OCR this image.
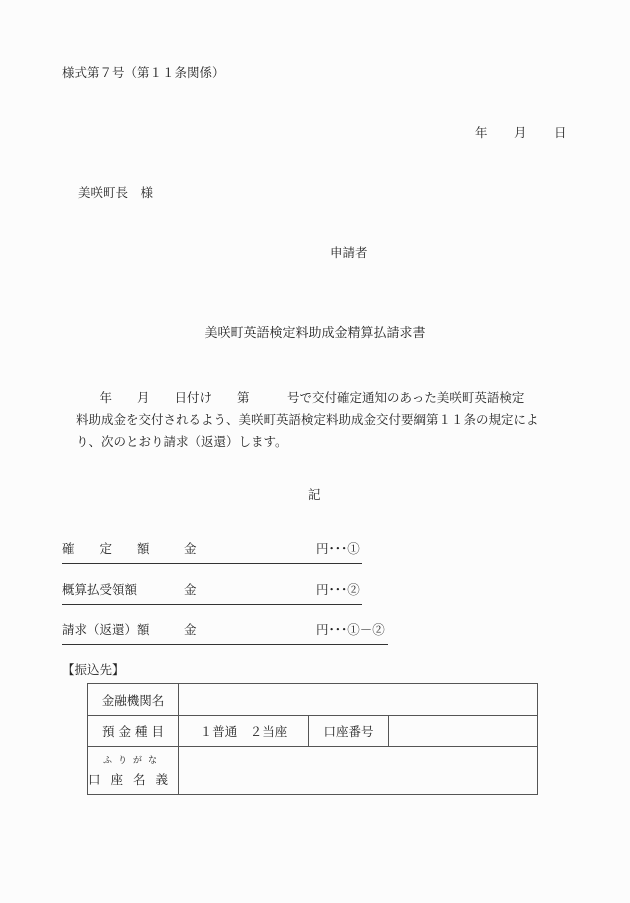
様式第７号（第１１条関係）
年 月 日
美咲町長　様
申請者
美咲町英語検定料助成金精算払請求書
　　　年　　月　　日付け　　第　　　号で交付確定通知のあった美咲町英語検定
料助成金を交付されるよう、美咲町英語検定料助成金交付要綱第１１条の規定によ
り、次のとおり請求（返還）します。
記
確　　定　　額	金	円･･･①
概算払受領額	金	円･･･②
請求（返還）額	金	円･･･①－②
【振込先】
金融機関名			
預 金 種 目	１普通　２当座	口座番号	

ふりがな
口座名義			
